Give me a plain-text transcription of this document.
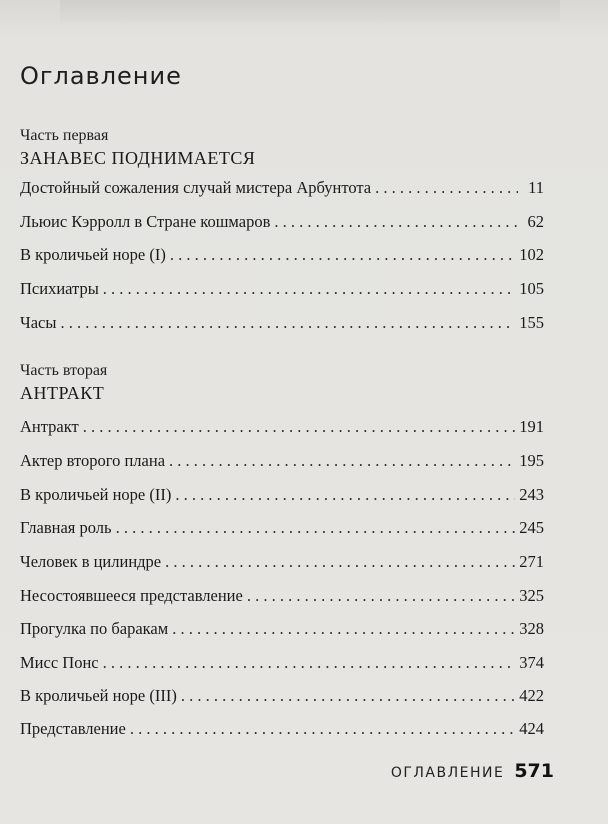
Оглавление
Часть первая
ЗАНАВЕС ПОДНИМАЕТСЯ
Достойный сожаления случай мистера Арбунтота . . .	11
Льюис Кэрролл в Стране кошмаров . . .	62
В кроличьей норе (I) . . .	102
Психиатры . . .	105
Часы . . .	155
Часть вторая
АНТРАКТ
Антракт . . .	191
Актер второго плана . . .	195
В кроличьей норе (II) . . .	243
Главная роль . . .	245
Человек в цилиндре . . .	271
Несостоявшееся представление . . .	325
Прогулка по баракам . . .	328
Мисс Понс . . .	374
В кроличьей норе (III) . . .	422
Представление . . .	424
ОГЛАВЛЕНИЕ 571
